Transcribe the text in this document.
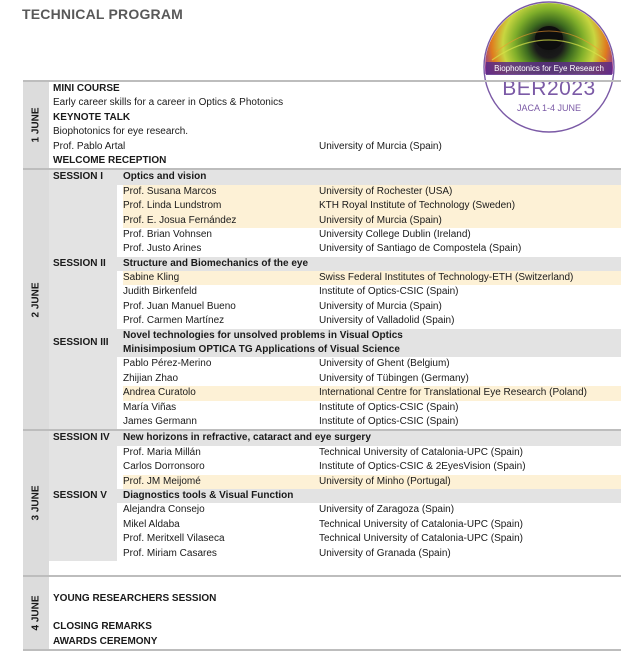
TECHNICAL PROGRAM
Biophotonics for Eye Research
BER2023
JACA 1-4 JUNE
1 JUNE
MINI COURSE
Early career skills for a career in Optics & Photonics
KEYNOTE TALK
Biophotonics for eye research.
Prof. Pablo Artal	University of Murcia (Spain)
WELCOME RECEPTION
2 JUNE
SESSION I Optics and vision
Prof. Susana Marcos	University of Rochester (USA)
Prof. Linda Lundstrom	KTH Royal Institute of Technology (Sweden)
Prof. E. Josua Fernández	University of Murcia (Spain)
Prof. Brian Vohnsen	University College Dublin (Ireland)
Prof. Justo Arines	University of Santiago de Compostela (Spain)
SESSION II Structure and Biomechanics of the eye
Sabine Kling	Swiss Federal Institutes of Technology-ETH (Switzerland)
Judith Birkenfeld	Institute of Optics-CSIC (Spain)
Prof. Juan Manuel Bueno	University of Murcia (Spain)
Prof. Carmen Martínez	University of Valladolid (Spain)
Novel technologies for unsolved problems in Visual Optics
SESSION III
Minisimposium OPTICA TG Applications of Visual Science
Pablo Pérez-Merino	University of Ghent (Belgium)
Zhijian Zhao	University of Tübingen (Germany)
Andrea Curatolo	International Centre for Translational Eye Research (Poland)
María Viñas	Institute of Optics-CSIC (Spain)
James Germann	Institute of Optics-CSIC (Spain)
3 JUNE
SESSION IV New horizons in refractive, cataract and eye surgery
Prof. Maria Millán	Technical University of Catalonia-UPC (Spain)
Carlos Dorronsoro	Institute of Optics-CSIC & 2EyesVision (Spain)
Prof. JM Meijomé	University of Minho (Portugal)
SESSION V Diagnostics tools & Visual Function
Alejandra Consejo	University of Zaragoza (Spain)
Mikel Aldaba	Technical University of Catalonia-UPC (Spain)
Prof. Meritxell Vilaseca	Technical University of Catalonia-UPC (Spain)
Prof. Miriam Casares	University of Granada (Spain)
4 JUNE YOUNG RESEARCHERS SESSION
CLOSING REMARKS
AWARDS CEREMONY
